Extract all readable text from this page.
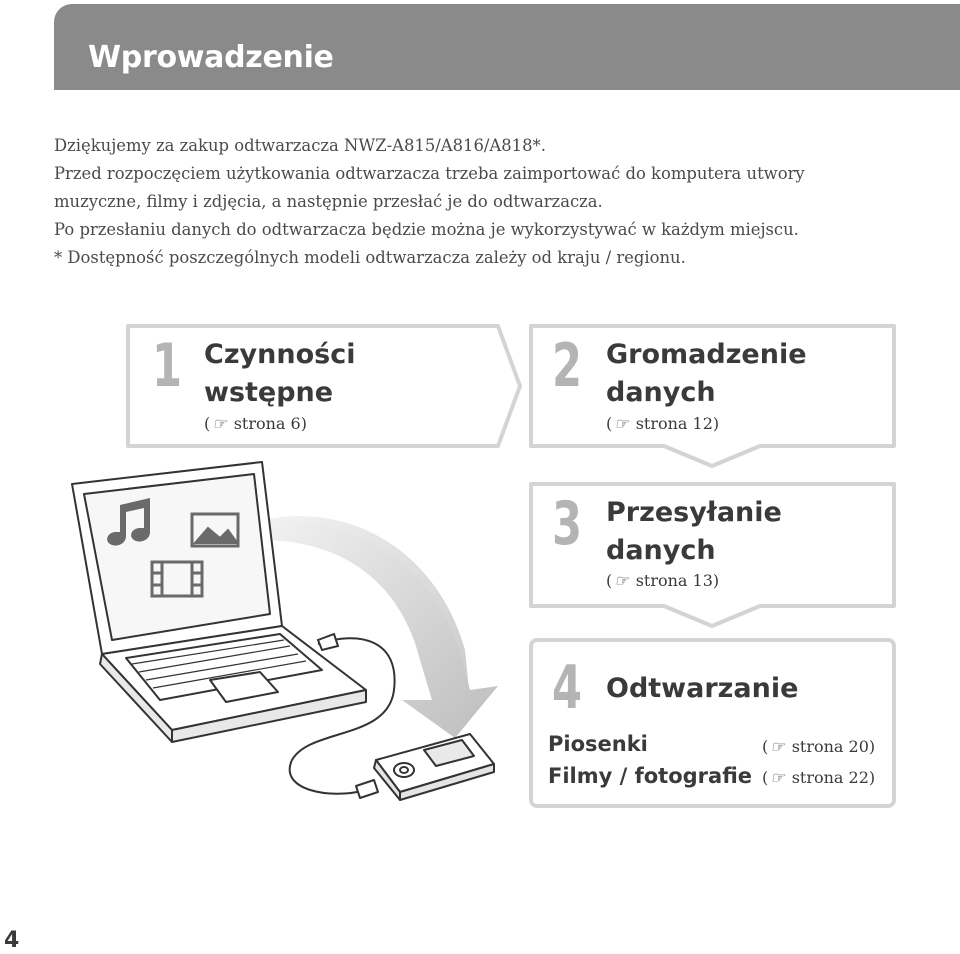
Wprowadzenie

Dziękujemy za zakup odtwarzacza NWZ-A815/A816/A818*.

Przed rozpoczęciem użytkowania odtwarzacza trzeba zaimportować do komputera utwory

muzyczne, filmy i zdjęcia, a następnie przesłać je do odtwarzacza.

Po przesłaniu danych do odtwarzacza będzie można je wykorzystywać w każdym miejscu.

* Dostępność poszczególnych modeli odtwarzacza zależy od kraju / regionu.

1 Czynności
wstępne
( ☞ strona 6)
2 Gromadzenie
danych
( ☞ strona 12)
3 Przesyłanie
danych
( ☞ strona 13)
4 Odtwarzanie
Piosenki	( ☞ strona 20)
Filmy / fotografie ( ☞ strona 22)
4
